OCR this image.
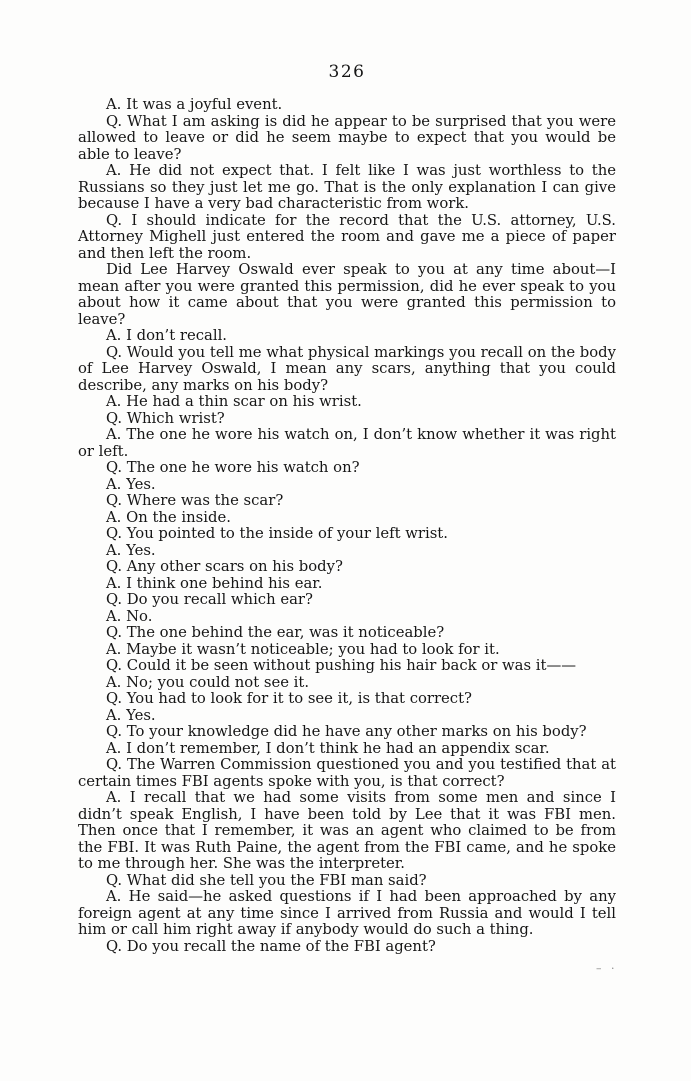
326

A. It was a joyful event.

Q. What I am asking is did he appear to be surprised that you were allowed to leave or did he seem maybe to expect that you would be able to leave?

A. He did not expect that. I felt like I was just worthless to the Russians so they just let me go. That is the only explanation I can give because I have a very bad characteristic from work.

Q. I should indicate for the record that the U.S. attorney, U.S. Attorney Mighell just entered the room and gave me a piece of paper and then left the room.

Did Lee Harvey Oswald ever speak to you at any time about—I mean after you were granted this permission, did he ever speak to you about how it came about that you were granted this permission to leave?

A. I don’t recall.

Q. Would you tell me what physical markings you recall on the body of Lee Harvey Oswald, I mean any scars, anything that you could describe, any marks on his body?

A. He had a thin scar on his wrist.

Q. Which wrist?

A. The one he wore his watch on, I don’t know whether it was right or left.

Q. The one he wore his watch on?

A. Yes.

Q. Where was the scar?

A. On the inside.

Q. You pointed to the inside of your left wrist.

A. Yes.

Q. Any other scars on his body?

A. I think one behind his ear.

Q. Do you recall which ear?

A. No.

Q. The one behind the ear, was it noticeable?

A. Maybe it wasn’t noticeable; you had to look for it.

Q. Could it be seen without pushing his hair back or was it——

A. No; you could not see it.

Q. You had to look for it to see it, is that correct?

A. Yes.

Q. To your knowledge did he have any other marks on his body?

A. I don’t remember, I don’t think he had an appendix scar.

Q. The Warren Commission questioned you and you testified that at certain times FBI agents spoke with you, is that correct?

A. I recall that we had some visits from some men and since I didn’t speak English, I have been told by Lee that it was FBI men. Then once that I remember, it was an agent who claimed to be from the FBI. It was Ruth Paine, the agent from the FBI came, and he spoke to me through her. She was the interpreter.

Q. What did she tell you the FBI man said?

A. He said—he asked questions if I had been approached by any foreign agent at any time since I arrived from Russia and would I tell him or call him right away if anybody would do such a thing.

Q. Do you recall the name of the FBI agent?

– ·
